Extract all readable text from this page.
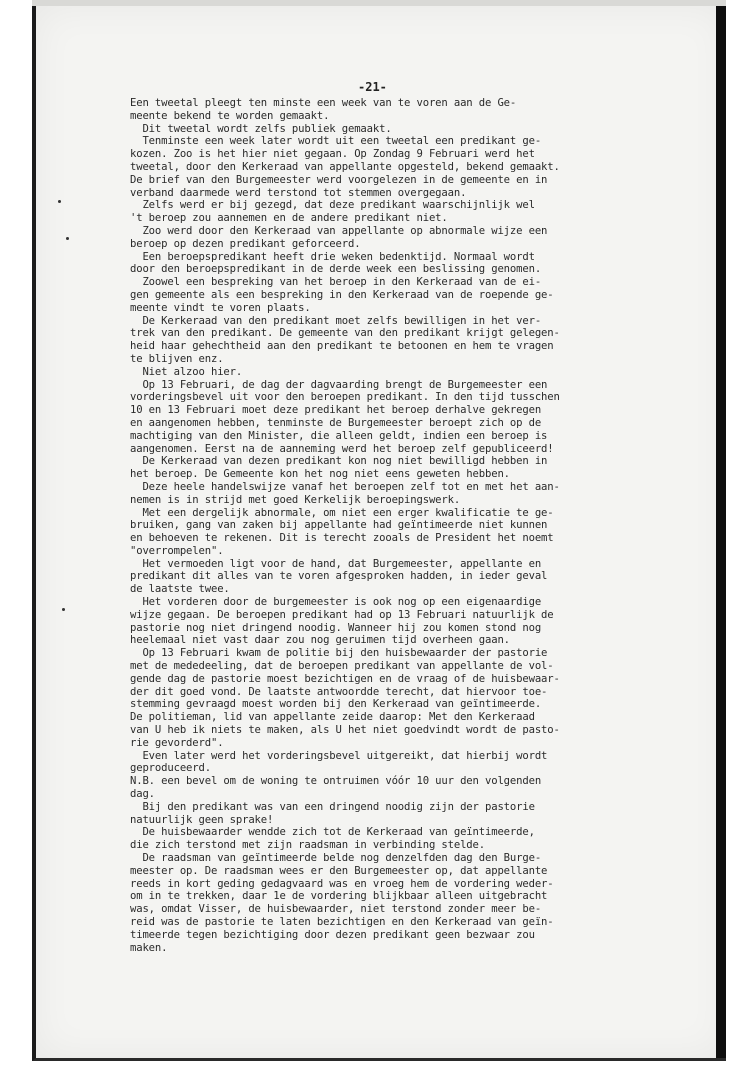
-21-
Een tweetal pleegt ten minste een week van te voren aan de Ge-
meente bekend te worden gemaakt.
Dit tweetal wordt zelfs publiek gemaakt.
Tenminste een week later wordt uit een tweetal een predikant ge-
kozen. Zoo is het hier niet gegaan. Op Zondag 9 Februari werd het
tweetal, door den Kerkeraad van appellante opgesteld, bekend gemaakt.
De brief van den Burgemeester werd voorgelezen in de gemeente en in
verband daarmede werd terstond tot stemmen overgegaan.
Zelfs werd er bij gezegd, dat deze predikant waarschijnlijk wel
't beroep zou aannemen en de andere predikant niet.
Zoo werd door den Kerkeraad van appellante op abnormale wijze een
beroep op dezen predikant geforceerd.
Een beroepspredikant heeft drie weken bedenktijd. Normaal wordt
door den beroepspredikant in de derde week een beslissing genomen.
Zoowel een bespreking van het beroep in den Kerkeraad van de ei-
gen gemeente als een bespreking in den Kerkeraad van de roepende ge-
meente vindt te voren plaats.
De Kerkeraad van den predikant moet zelfs bewilligen in het ver-
trek van den predikant. De gemeente van den predikant krijgt gelegen-
heid haar gehechtheid aan den predikant te betoonen en hem te vragen
te blijven enz.
Niet alzoo hier.
Op 13 Februari, de dag der dagvaarding brengt de Burgemeester een
vorderingsbevel uit voor den beroepen predikant. In den tijd tusschen
10 en 13 Februari moet deze predikant het beroep derhalve gekregen
en aangenomen hebben, tenminste de Burgemeester beroept zich op de
machtiging van den Minister, die alleen geldt, indien een beroep is
aangenomen. Eerst na de aanneming werd het beroep zelf gepubliceerd!
De Kerkeraad van dezen predikant kon nog niet bewilligd hebben in
het beroep. De Gemeente kon het nog niet eens geweten hebben.
Deze heele handelswijze vanaf het beroepen zelf tot en met het aan-
nemen is in strijd met goed Kerkelijk beroepingswerk.
Met een dergelijk abnormale, om niet een erger kwalificatie te ge-
bruiken, gang van zaken bij appellante had geïntimeerde niet kunnen
en behoeven te rekenen. Dit is terecht zooals de President het noemt
"overrompelen".
Het vermoeden ligt voor de hand, dat Burgemeester, appellante en
predikant dit alles van te voren afgesproken hadden, in ieder geval
de laatste twee.
Het vorderen door de burgemeester is ook nog op een eigenaardige
wijze gegaan. De beroepen predikant had op 13 Februari natuurlijk de
pastorie nog niet dringend noodig. Wanneer hij zou komen stond nog
heelemaal niet vast daar zou nog geruimen tijd overheen gaan.
Op 13 Februari kwam de politie bij den huisbewaarder der pastorie
met de mededeeling, dat de beroepen predikant van appellante de vol-
gende dag de pastorie moest bezichtigen en de vraag of de huisbewaar-
der dit goed vond. De laatste antwoordde terecht, dat hiervoor toe-
stemming gevraagd moest worden bij den Kerkeraad van geïntimeerde.
De politieman, lid van appellante zeide daarop: Met den Kerkeraad
van U heb ik niets te maken, als U het niet goedvindt wordt de pasto-
rie gevorderd".
Even later werd het vorderingsbevel uitgereikt, dat hierbij wordt
geproduceerd.
N.B. een bevel om de woning te ontruimen vóór 10 uur den volgenden
dag.
Bij den predikant was van een dringend noodig zijn der pastorie
natuurlijk geen sprake!
De huisbewaarder wendde zich tot de Kerkeraad van geïntimeerde,
die zich terstond met zijn raadsman in verbinding stelde.
De raadsman van geïntimeerde belde nog denzelfden dag den Burge-
meester op. De raadsman wees er den Burgemeester op, dat appellante
reeds in kort geding gedagvaard was en vroeg hem de vordering weder-
om in te trekken, daar 1e de vordering blijkbaar alleen uitgebracht
was, omdat Visser, de huisbewaarder, niet terstond zonder meer be-
reid was de pastorie te laten bezichtigen en den Kerkeraad van geïn-
timeerde tegen bezichtiging door dezen predikant geen bezwaar zou
maken.
